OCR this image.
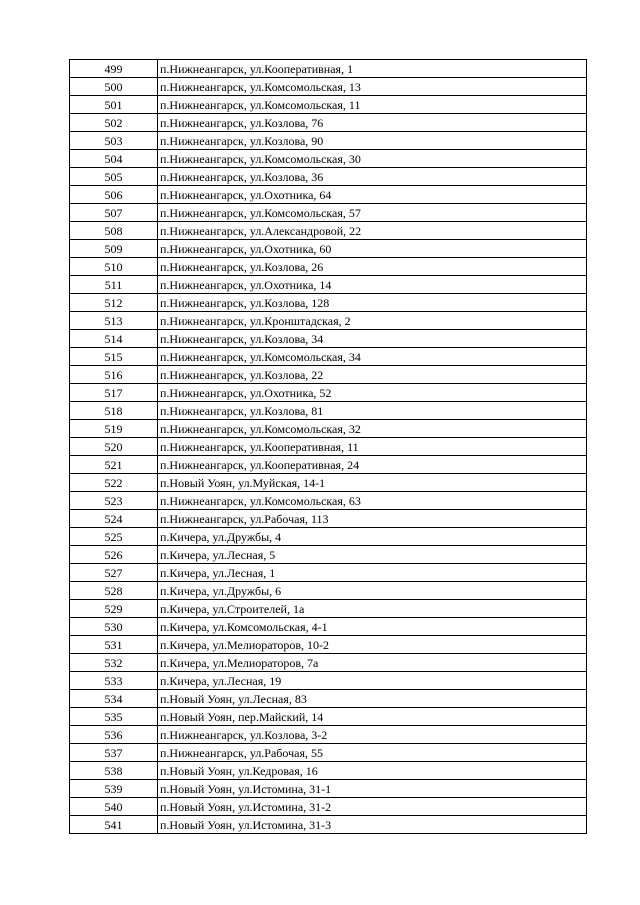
499	п.Нижнеангарск, ул.Кооперативная, 1
500	п.Нижнеангарск, ул.Комсомольская, 13
501	п.Нижнеангарск, ул.Комсомольская, 11
502	п.Нижнеангарск, ул.Козлова, 76
503	п.Нижнеангарск, ул.Козлова, 90
504	п.Нижнеангарск, ул.Комсомольская, 30
505	п.Нижнеангарск, ул.Козлова, 36
506	п.Нижнеангарск, ул.Охотника, 64
507	п.Нижнеангарск, ул.Комсомольская, 57
508	п.Нижнеангарск, ул.Александровой, 22
509	п.Нижнеангарск, ул.Охотника, 60
510	п.Нижнеангарск, ул.Козлова, 26
511	п.Нижнеангарск, ул.Охотника, 14
512	п.Нижнеангарск, ул.Козлова, 128
513	п.Нижнеангарск, ул.Кронштадская, 2
514	п.Нижнеангарск, ул.Козлова, 34
515	п.Нижнеангарск, ул.Комсомольская, 34
516	п.Нижнеангарск, ул.Козлова, 22
517	п.Нижнеангарск, ул.Охотника, 52
518	п.Нижнеангарск, ул.Козлова, 81
519	п.Нижнеангарск, ул.Комсомольская, 32
520	п.Нижнеангарск, ул.Кооперативная, 11
521	п.Нижнеангарск, ул.Кооперативная, 24
522	п.Новый Уоян, ул.Муйская, 14-1
523	п.Нижнеангарск, ул.Комсомольская, 63
524	п.Нижнеангарск, ул.Рабочая, 113
525	п.Кичера, ул.Дружбы, 4
526	п.Кичера, ул.Лесная, 5
527	п.Кичера, ул.Лесная, 1
528	п.Кичера, ул.Дружбы, 6
529	п.Кичера, ул.Строителей, 1а
530	п.Кичера, ул.Комсомольская, 4-1
531	п.Кичера, ул.Мелиораторов, 10-2
532	п.Кичера, ул.Мелиораторов, 7а
533	п.Кичера, ул.Лесная, 19
534	п.Новый Уоян, ул.Лесная, 83
535	п.Новый Уоян, пер.Майский, 14
536	п.Нижнеангарск, ул.Козлова, 3-2
537	п.Нижнеангарск, ул.Рабочая, 55
538	п.Новый Уоян, ул.Кедровая, 16
539	п.Новый Уоян, ул.Истомина, 31-1
540	п.Новый Уоян, ул.Истомина, 31-2
541	п.Новый Уоян, ул.Истомина, 31-3
